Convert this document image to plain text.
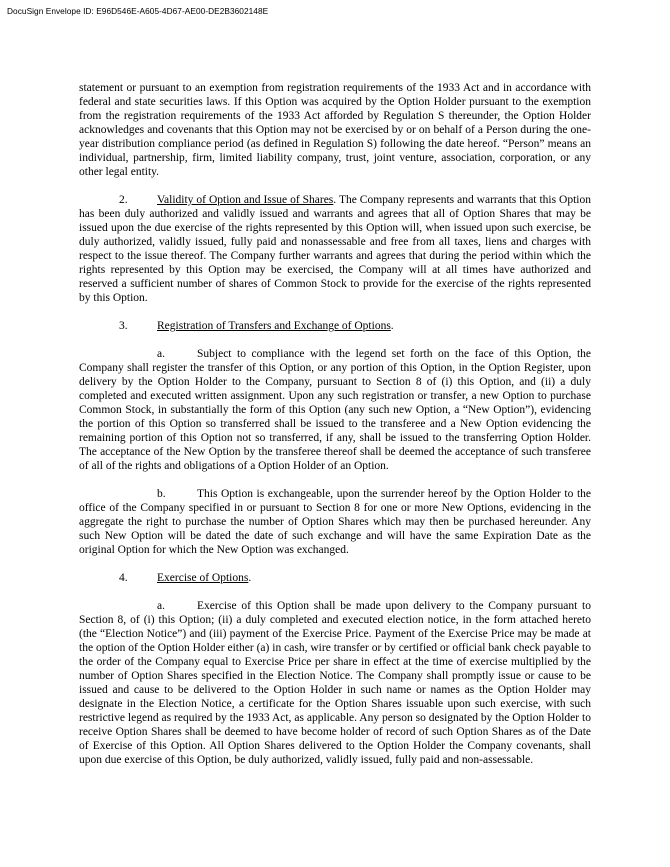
DocuSign Envelope ID: E96D546E-A605-4D67-AE00-DE2B3602148E

statement or pursuant to an exemption from registration requirements of the 1933 Act and in accordance with federal and state securities laws. If this Option was acquired by the Option Holder pursuant to the exemption from the registration requirements of the 1933 Act afforded by Regulation S thereunder, the Option Holder acknowledges and covenants that this Option may not be exercised by or on behalf of a Person during the one-year distribution compliance period (as defined in Regulation S) following the date hereof. “Person” means an individual, partnership, firm, limited liability company, trust, joint venture, association, corporation, or any other legal entity.

2.	Validity of Option and Issue of Shares. The Company represents and warrants that this Option has been duly authorized and validly issued and warrants and agrees that all of Option Shares that may be issued upon the due exercise of the rights represented by this Option will, when issued upon such exercise, be duly authorized, validly issued, fully paid and nonassessable and free from all taxes, liens and charges with respect to the issue thereof. The Company further warrants and agrees that during the period within which the rights represented by this Option may be exercised, the Company will at all times have authorized and reserved a sufficient number of shares of Common Stock to provide for the exercise of the rights represented by this Option.

3.	Registration of Transfers and Exchange of Options.

a.	Subject to compliance with the legend set forth on the face of this Option, the Company shall register the transfer of this Option, or any portion of this Option, in the Option Register, upon delivery by the Option Holder to the Company, pursuant to Section 8 of (i) this Option, and (ii) a duly completed and executed written assignment. Upon any such registration or transfer, a new Option to purchase Common Stock, in substantially the form of this Option (any such new Option, a “New Option”), evidencing the portion of this Option so transferred shall be issued to the transferee and a New Option evidencing the remaining portion of this Option not so transferred, if any, shall be issued to the transferring Option Holder. The acceptance of the New Option by the transferee thereof shall be deemed the acceptance of such transferee of all of the rights and obligations of a Option Holder of an Option.

b.	This Option is exchangeable, upon the surrender hereof by the Option Holder to the office of the Company specified in or pursuant to Section 8 for one or more New Options, evidencing in the aggregate the right to purchase the number of Option Shares which may then be purchased hereunder. Any such New Option will be dated the date of such exchange and will have the same Expiration Date as the original Option for which the New Option was exchanged.

4.	Exercise of Options.

a.	Exercise of this Option shall be made upon delivery to the Company pursuant to Section 8, of (i) this Option; (ii) a duly completed and executed election notice, in the form attached hereto (the “Election Notice”) and (iii) payment of the Exercise Price. Payment of the Exercise Price may be made at the option of the Option Holder either (a) in cash, wire transfer or by certified or official bank check payable to the order of the Company equal to Exercise Price per share in effect at the time of exercise multiplied by the number of Option Shares specified in the Election Notice. The Company shall promptly issue or cause to be issued and cause to be delivered to the Option Holder in such name or names as the Option Holder may designate in the Election Notice, a certificate for the Option Shares issuable upon such exercise, with such restrictive legend as required by the 1933 Act, as applicable. Any person so designated by the Option Holder to receive Option Shares shall be deemed to have become holder of record of such Option Shares as of the Date of Exercise of this Option. All Option Shares delivered to the Option Holder the Company covenants, shall upon due exercise of this Option, be duly authorized, validly issued, fully paid and non-assessable.
